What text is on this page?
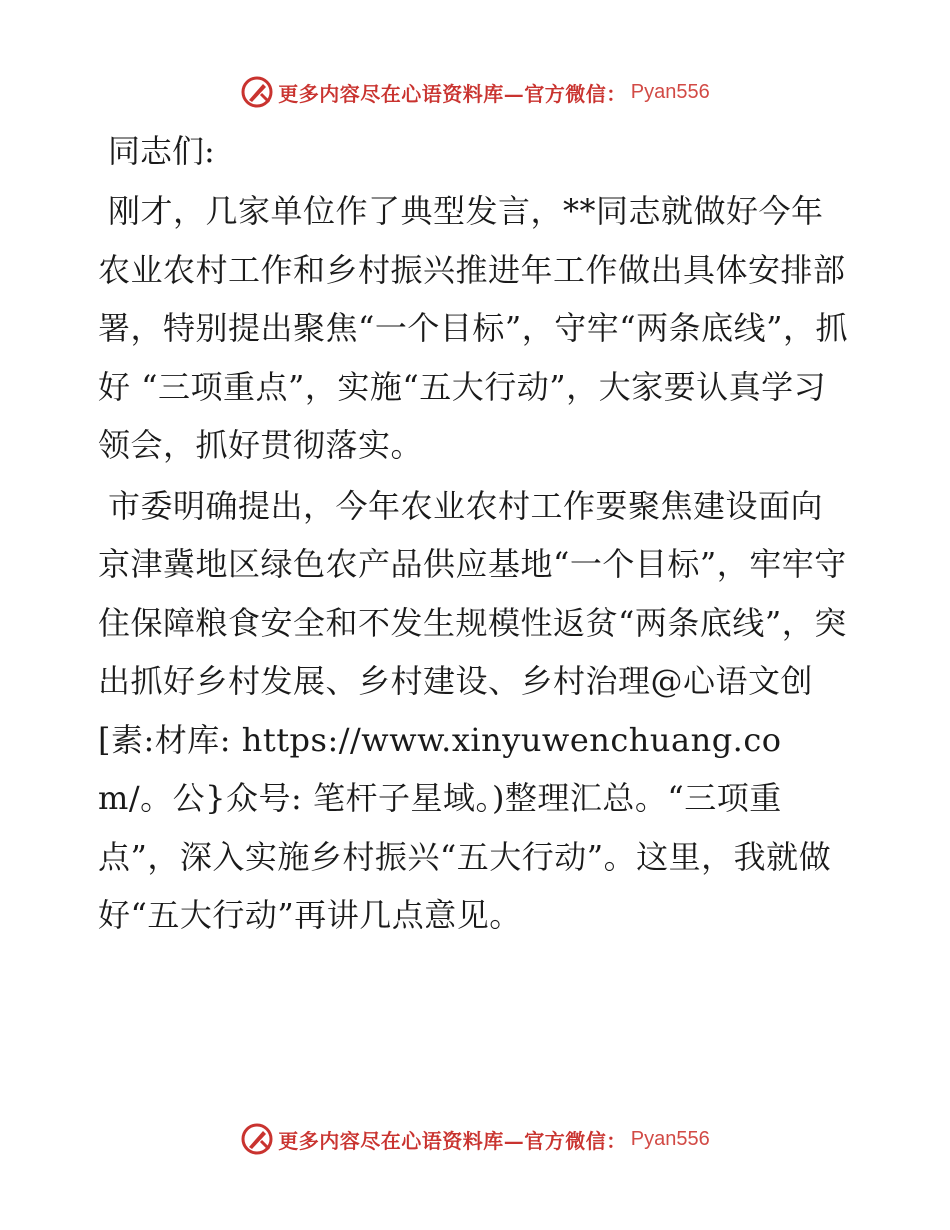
更多内容尽在心语资料库—官方微信： Pyan556

同志们:

刚才，几家单位作了典型发言，**同志就做好今年农业农村工作和乡村振兴推进年工作做出具体安排部署，特别提出聚焦“一个目标”，守牢“两条底线”，抓好 “三项重点”，实施“五大行动”，大家要认真学习领会，抓好贯彻落实。

市委明确提出，今年农业农村工作要聚焦建设面向京津冀地区绿色农产品供应基地“一个目标”，牢牢守住保障粮食安全和不发生规模性返贫“两条底线”，突出抓好乡村发展、乡村建设、乡村治理@心语文创[素:材库: https://www.xinyuwenchuang.com/。公}众号: 笔杆子星域。)整理汇总。“三项重点”，深入实施乡村振兴“五大行动”。这里，我就做好“五大行动”再讲几点意见。

更多内容尽在心语资料库—官方微信： Pyan556
